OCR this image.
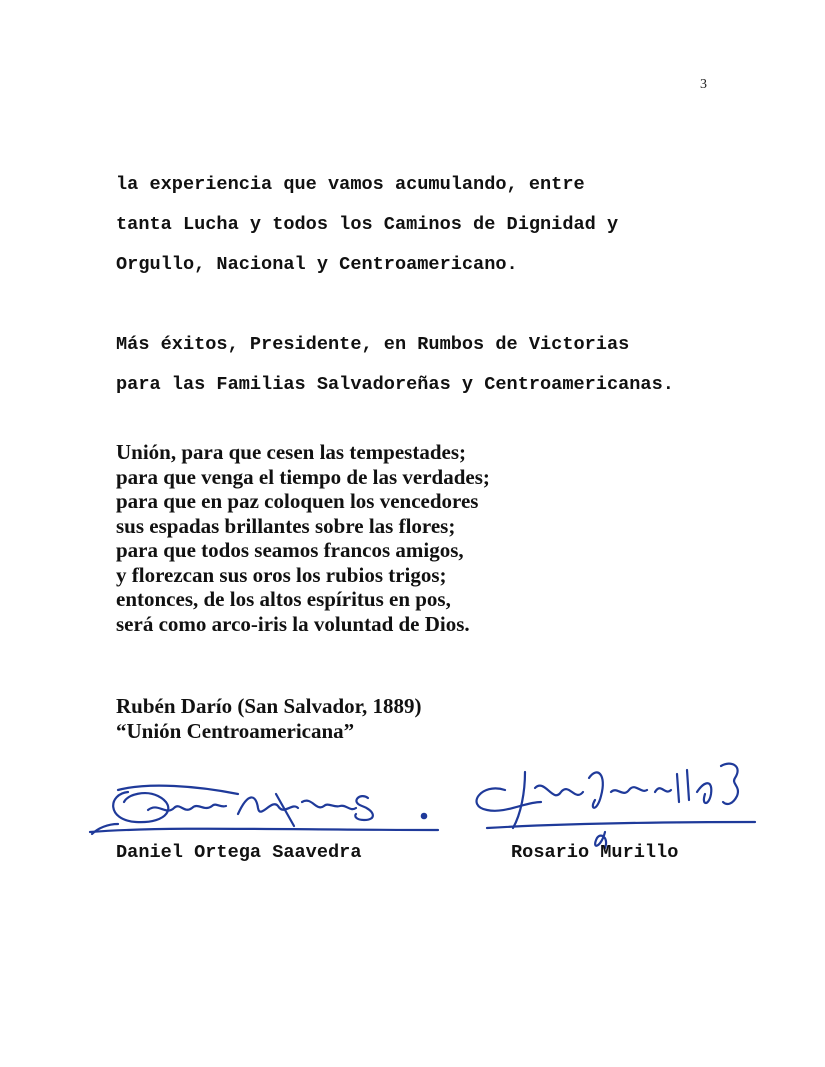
3
la experiencia que vamos acumulando, entre
tanta Lucha y todos los Caminos de Dignidad y
Orgullo, Nacional y Centroamericano.
Más éxitos, Presidente, en Rumbos de Victorias
para las Familias Salvadoreñas y Centroamericanas.
Unión, para que cesen las tempestades;
para que venga el tiempo de las verdades;
para que en paz coloquen los vencedores
sus espadas brillantes sobre las flores;
para que todos seamos francos amigos,
y florezcan sus oros los rubios trigos;
entonces, de los altos espíritus en pos,
será como arco-iris la voluntad de Dios.
Rubén Darío (San Salvador, 1889)
“Unión Centroamericana”
Daniel Ortega Saavedra	Rosario Murillo
